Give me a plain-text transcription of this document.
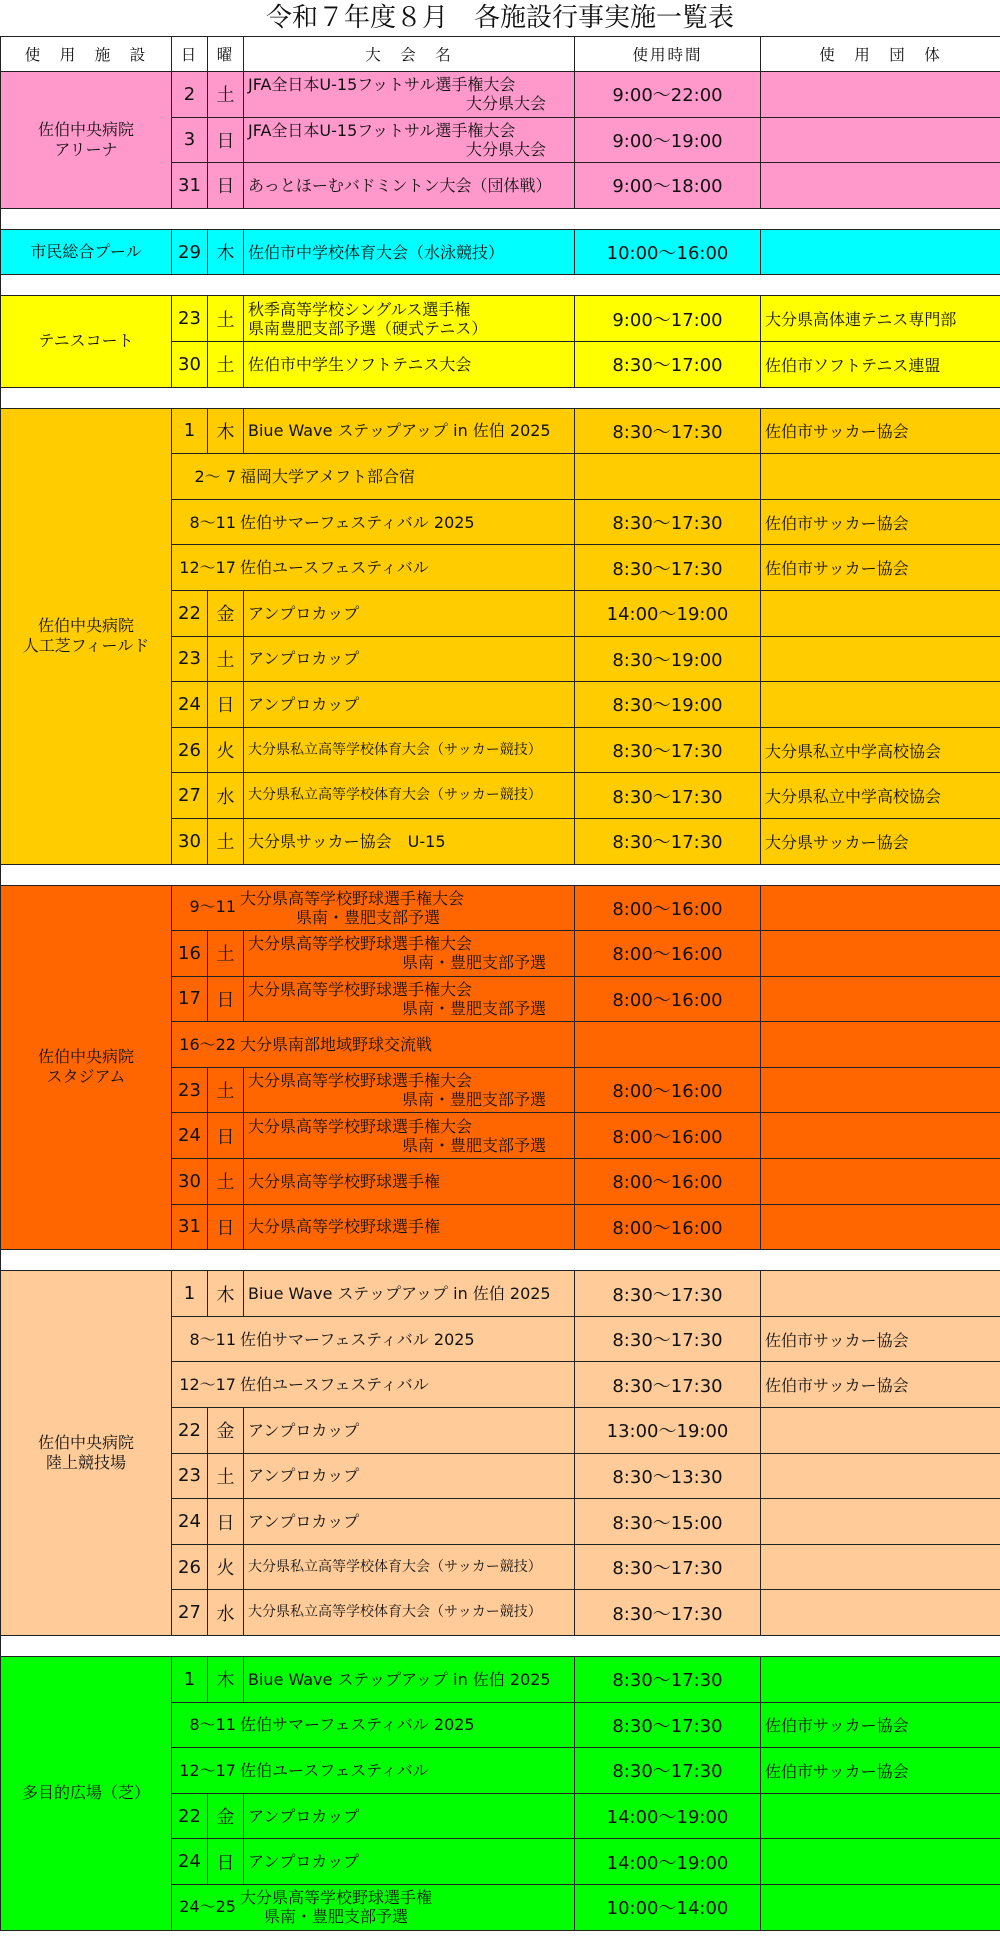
令和７年度８月　各施設行事実施一覧表
使　用　施　設	日	曜	大　会　名	使用時間	使　用　団　体
佐伯中央病院
アリーナ	2	土	JFA全日本U-15フットサル選手権大会
大分県大会	9:00〜22:00	
	3	日	JFA全日本U-15フットサル選手権大会
大分県大会	9:00〜19:00	
	31	日	あっとほーむバドミントン大会（団体戦）	9:00〜18:00	

市民総合プール	29	木	佐伯市中学校体育大会（水泳競技）	10:00〜16:00	

テニスコート	23	土	秋季高等学校シングルス選手権
県南豊肥支部予選（硬式テニス）	9:00〜17:00	大分県高体連テニス専門部
	30	土	佐伯市中学生ソフトテニス大会	8:30〜17:00	佐伯市ソフトテニス連盟

佐伯中央病院
人工芝フィールド	1	木	Biue Wave ステップアップ in 佐伯 2025	8:30〜17:30	佐伯市サッカー協会
	2〜 7 福岡大学アメフト部合宿				
	8〜11 佐伯サマーフェスティバル 2025			8:30〜17:30	佐伯市サッカー協会
	12〜17 佐伯ユースフェスティバル			8:30〜17:30	佐伯市サッカー協会
	22	金	アンプロカップ	14:00〜19:00	
	23	土	アンプロカップ	8:30〜19:00	
	24	日	アンプロカップ	8:30〜19:00	
	26	火	大分県私立高等学校体育大会（サッカー競技）	8:30〜17:30	大分県私立中学高校協会
	27	水	大分県私立高等学校体育大会（サッカー競技）	8:30〜17:30	大分県私立中学高校協会
	30	土	大分県サッカー協会　U-15	8:30〜17:30	大分県サッカー協会

佐伯中央病院
スタジアム	9〜11 大分県高等学校野球選手権大会
県南・豊肥支部予選			8:00〜16:00	
	16	土	大分県高等学校野球選手権大会
県南・豊肥支部予選	8:00〜16:00	
	17	日	大分県高等学校野球選手権大会
県南・豊肥支部予選	8:00〜16:00	
	16〜22 大分県南部地域野球交流戦				
	23	土	大分県高等学校野球選手権大会
県南・豊肥支部予選	8:00〜16:00	
	24	日	大分県高等学校野球選手権大会
県南・豊肥支部予選	8:00〜16:00	
	30	土	大分県高等学校野球選手権	8:00〜16:00	
	31	日	大分県高等学校野球選手権	8:00〜16:00	

佐伯中央病院
陸上競技場	1	木	Biue Wave ステップアップ in 佐伯 2025	8:30〜17:30	
	8〜11 佐伯サマーフェスティバル 2025			8:30〜17:30	佐伯市サッカー協会
	12〜17 佐伯ユースフェスティバル			8:30〜17:30	佐伯市サッカー協会
	22	金	アンプロカップ	13:00〜19:00	
	23	土	アンプロカップ	8:30〜13:30	
	24	日	アンプロカップ	8:30〜15:00	
	26	火	大分県私立高等学校体育大会（サッカー競技）	8:30〜17:30	
	27	水	大分県私立高等学校体育大会（サッカー競技）	8:30〜17:30	

多目的広場（芝）	1	木	Biue Wave ステップアップ in 佐伯 2025	8:30〜17:30	
	8〜11 佐伯サマーフェスティバル 2025			8:30〜17:30	佐伯市サッカー協会
	12〜17 佐伯ユースフェスティバル			8:30〜17:30	佐伯市サッカー協会
	22	金	アンプロカップ	14:00〜19:00	
	24	日	アンプロカップ	14:00〜19:00	
	24〜25 大分県高等学校野球選手権
県南・豊肥支部予選			10:00〜14:00	
